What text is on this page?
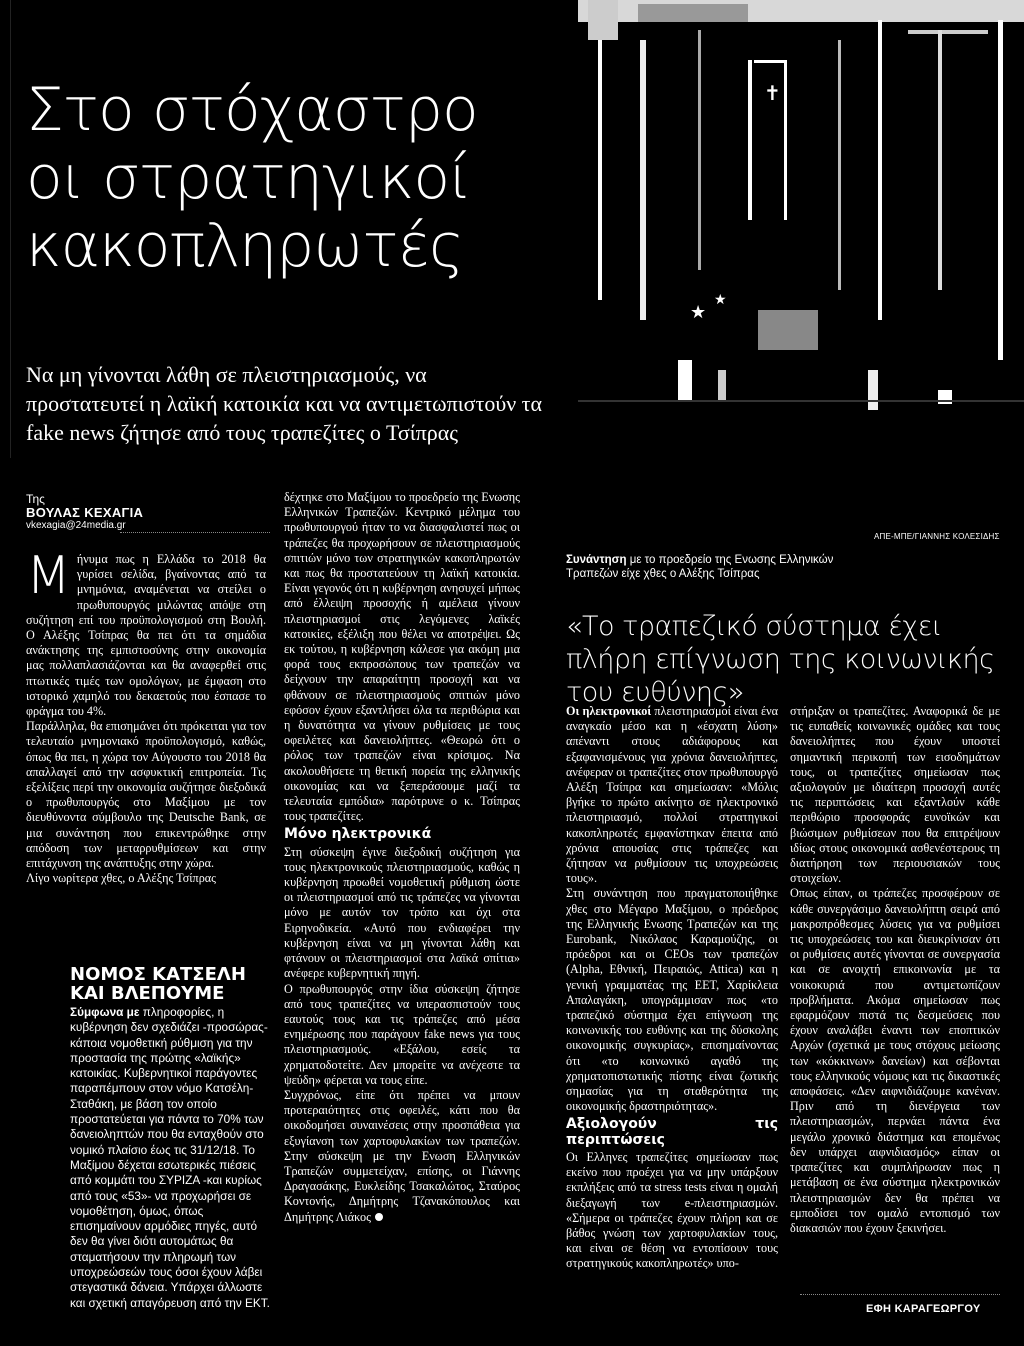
Στο στόχαστρο
οι στρατηγικοί
κακοπληρωτές
Να μη γίνονται λάθη σε πλειστηριασμούς, να προστατευτεί η λαϊκή κατοικία και να αντιμετωπιστούν τα fake news ζήτησε από τους τραπεζίτες ο Τσίπρας
✝
★
★
Της
ΒΟΥΛΑΣ ΚΕΧΑΓΙΑ
vkexagia@24media.gr

Μήνυμα πως η Ελλάδα το 2018 θα γυρίσει σελίδα, βγαίνοντας από τα μνημόνια, αναμένεται να στείλει ο πρωθυπουργός μιλώντας απόψε στη συζήτηση επί του προϋπολογισμού στη Βουλή. Ο Αλέξης Τσίπρας θα πει ότι τα σημάδια ανάκτησης της εμπιστοσύνης στην οικονομία μας πολλαπλασιάζονται και θα αναφερθεί στις πτωτικές τιμές των ομολόγων, με έμφαση στο ιστορικό χαμηλό του δεκαετούς που έσπασε το φράγμα του 4%.

Παράλληλα, θα επισημάνει ότι πρόκειται για τον τελευταίο μνημονιακό προϋπολογισμό, καθώς, όπως θα πει, η χώρα τον Αύγουστο του 2018 θα απαλλαγεί από την ασφυκτική επιτροπεία. Τις εξελίξεις περί την οικονομία συζήτησε διεξοδικά ο πρωθυπουργός στο Μαξίμου με τον διευθύνοντα σύμβουλο της Deutsche Bank, σε μια συνάντηση που επικεντρώθηκε στην απόδοση των μεταρρυθμίσεων και στην επιτάχυνση της ανάπτυξης στην χώρα.

Λίγο νωρίτερα χθες, ο Αλέξης Τσίπρας

δέχτηκε στο Μαξίμου το προεδρείο της Ενωσης Ελληνικών Τραπεζών. Κεντρικό μέλημα του πρωθυπουργού ήταν το να διασφαλιστεί πως οι τράπεζες θα προχωρήσουν σε πλειστηριασμούς σπιτιών μόνο των στρατηγικών κακοπληρωτών και πως θα προστατεύουν τη λαϊκή κατοικία. Είναι γεγονός ότι η κυβέρνηση ανησυχεί μήπως από έλλειψη προσοχής ή αμέλεια γίνουν πλειστηριασμοί στις λεγόμενες λαϊκές κατοικίες, εξέλιξη που θέλει να αποτρέψει. Ως εκ τούτου, η κυβέρνηση κάλεσε για ακόμη μια φορά τους εκπροσώπους των τραπεζών να δείχνουν την απαραίτητη προσοχή και να φθάνουν σε πλειστηριασμούς σπιτιών μόνο εφόσον έχουν εξαντλήσει όλα τα περιθώρια και η δυνατότητα να γίνουν ρυθμίσεις με τους οφειλέτες και δανειολήπτες. «Θεωρώ ότι ο ρόλος των τραπεζών είναι κρίσιμος. Να ακολουθήσετε τη θετική πορεία της ελληνικής οικονομίας και να ξεπεράσουμε μαζί τα τελευταία εμπόδια» παρότρυνε ο κ. Τσίπρας τους τραπεζίτες.

Μόνο ηλεκτρονικά

Στη σύσκεψη έγινε διεξοδική συζήτηση για τους ηλεκτρονικούς πλειστηριασμούς, καθώς η κυβέρνηση προωθεί νομοθετική ρύθμιση ώστε οι πλειστηριασμοί από τις τράπεζες να γίνονται μόνο με αυτόν τον τρόπο και όχι στα Ειρηνοδικεία. «Αυτό που ενδιαφέρει την κυβέρνηση είναι να μη γίνονται λάθη και φτάνουν οι πλειστηριασμοί στα λαϊκά σπίτια» ανέφερε κυβερνητική πηγή.

Ο πρωθυπουργός στην ίδια σύσκεψη ζήτησε από τους τραπεζίτες να υπερασπιστούν τους εαυτούς τους και τις τράπεζες από μέσα ενημέρωσης που παράγουν fake news για τους πλειστηριασμούς. «Εξάλου, εσείς τα χρηματοδοτείτε. Δεν μπορείτε να ανέχεστε τα ψεύδη» φέρεται να τους είπε.

Συγχρόνως, είπε ότι πρέπει να μπουν προτεραιότητες στις οφειλές, κάτι που θα οικοδομήσει συναινέσεις στην προσπάθεια για εξυγίανση των χαρτοφυλακίων των τραπεζών. Στην σύσκεψη με την Ενωση Ελληνικών Τραπεζών συμμετείχαν, επίσης, οι Γιάννης Δραγασάκης, Ευκλείδης Τσακαλώτος, Σταύρος Κοντονής, Δημήτρης Τζανακόπουλος και Δημήτρης Λιάκος

ΑΠΕ-ΜΠΕ/ΓΙΑΝΝΗΣ ΚΟΛΕΣΙΔΗΣ
Συνάντηση με το προεδρείο της Ενωσης Ελληνικών Τραπεζών είχε χθες ο Αλέξης Τσίπρας
«Το τραπεζικό σύστημα έχει πλήρη επίγνωση της κοινωνικής του ευθύνης»

Οι ηλεκτρονικοί πλειστηριασμοί είναι ένα αναγκαίο μέσο και η «έσχατη λύση» απέναντι στους αδιάφορους και εξαφανισμένους για χρόνια δανειολήπτες, ανέφεραν οι τραπεζίτες στον πρωθυπουργό Αλέξη Τσίπρα και σημείωσαν: «Μόλις βγήκε το πρώτο ακίνητο σε ηλεκτρονικό πλειστηριασμό, πολλοί στρατηγικοί κακοπληρωτές εμφανίστηκαν έπειτα από χρόνια απουσίας στις τράπεζες και ζήτησαν να ρυθμίσουν τις υποχρεώσεις τους».

Στη συνάντηση που πραγματοποιήθηκε χθες στο Μέγαρο Μαξίμου, ο πρόεδρος της Ελληνικής Ενωσης Τραπεζών και της Eurobank, Νικόλαος Καραμούζης, οι πρόεδροι και οι CEOs των τραπεζών (Alpha, Εθνική, Πειραιώς, Attica) και η γενική γραμματέας της ΕΕΤ, Χαρίκλεια Απαλαγάκη, υπογράμμισαν πως «το τραπεζικό σύστημα έχει επίγνωση της κοινωνικής του ευθύνης και της δύσκολης οικονομικής συγκυρίας», επισημαίνοντας ότι «το κοινωνικό αγαθό της χρηματοπιστωτικής πίστης είναι ζωτικής σημασίας για τη σταθερότητα της οικονομικής δραστηριότητας».

Αξιολογούν τις περιπτώσεις

Οι Ελληνες τραπεζίτες σημείωσαν πως εκείνο που προέχει για να μην υπάρξουν εκπλήξεις από τα stress tests είναι η ομαλή διεξαγωγή των e-πλειστηριασμών. «Σήμερα οι τράπεζες έχουν πλήρη και σε βάθος γνώση των χαρτοφυλακίων τους, και είναι σε θέση να εντοπίσουν τους στρατηγικούς κακοπληρωτές» υπο-

στήριξαν οι τραπεζίτες. Αναφορικά δε με τις ευπαθείς κοινωνικές ομάδες και τους δανειολήπτες που έχουν υποστεί σημαντική περικοπή των εισοδημάτων τους, οι τραπεζίτες σημείωσαν πως αξιολογούν με ιδιαίτερη προσοχή αυτές τις περιπτώσεις και εξαντλούν κάθε περιθώριο προσφοράς ευνοϊκών και βιώσιμων ρυθμίσεων που θα επιτρέψουν ιδίως στους οικονομικά ασθενέστερους τη διατήρηση των περιουσιακών τους στοιχείων.

Οπως είπαν, οι τράπεζες προσφέρουν σε κάθε συνεργάσιμο δανειολήπτη σειρά από μακροπρόθεσμες λύσεις για να ρυθμίσει τις υποχρεώσεις του και διευκρίνισαν ότι οι ρυθμίσεις αυτές γίνονται σε συνεργασία και σε ανοιχτή επικοινωνία με τα νοικοκυριά που αντιμετωπίζουν προβλήματα. Ακόμα σημείωσαν πως εφαρμόζουν πιστά τις δεσμεύσεις που έχουν αναλάβει έναντι των εποπτικών Αρχών (σχετικά με τους στόχους μείωσης των «κόκκινων» δανείων) και σέβονται τους ελληνικούς νόμους και τις δικαστικές αποφάσεις. «Δεν αιφνιδιάζουμε κανέναν. Πριν από τη διενέργεια των πλειστηριασμών, περνάει πάντα ένα μεγάλο χρονικό διάστημα και επομένως δεν υπάρχει αιφνιδιασμός» είπαν οι τραπεζίτες και συμπλήρωσαν πως η μετάβαση σε ένα σύστημα ηλεκτρονικών πλειστηριασμών δεν θα πρέπει να εμποδίσει τον ομαλό εντοπισμό των διακασιών που έχουν ξεκινήσει.

ΕΦΗ ΚΑΡΑΓΕΩΡΓΟΥ
ΝΟΜΟΣ ΚΑΤΣΕΛΗ
ΚΑΙ ΒΛΕΠΟΥΜΕ
Σύμφωνα με πληροφορίες, η κυβέρνηση δεν σχεδιάζει -προσώρας- κάποια νομοθετική ρύθμιση για την προστασία της πρώτης «λαϊκής» κατοικίας. Κυβερνητικοί παράγοντες παραπέμπουν στον νόμο Κατσέλη-Σταθάκη, με βάση τον οποίο προστατεύεται για πάντα το 70% των δανειοληπτών που θα ενταχθούν στο νομικό πλαίσιο έως τις 31/12/18. Το Μαξίμου δέχεται εσωτερικές πιέσεις από κομμάτι του ΣΥΡΙΖΑ -και κυρίως από τους «53»- να προχωρήσει σε νομοθέτηση, όμως, όπως επισημαίνουν αρμόδιες πηγές, αυτό δεν θα γίνει διότι αυτομάτως θα σταματήσουν την πληρωμή των υποχρεώσεών τους όσοι έχουν λάβει στεγαστικά δάνεια. Υπάρχει άλλωστε και σχετική απαγόρευση από την ΕΚΤ.
